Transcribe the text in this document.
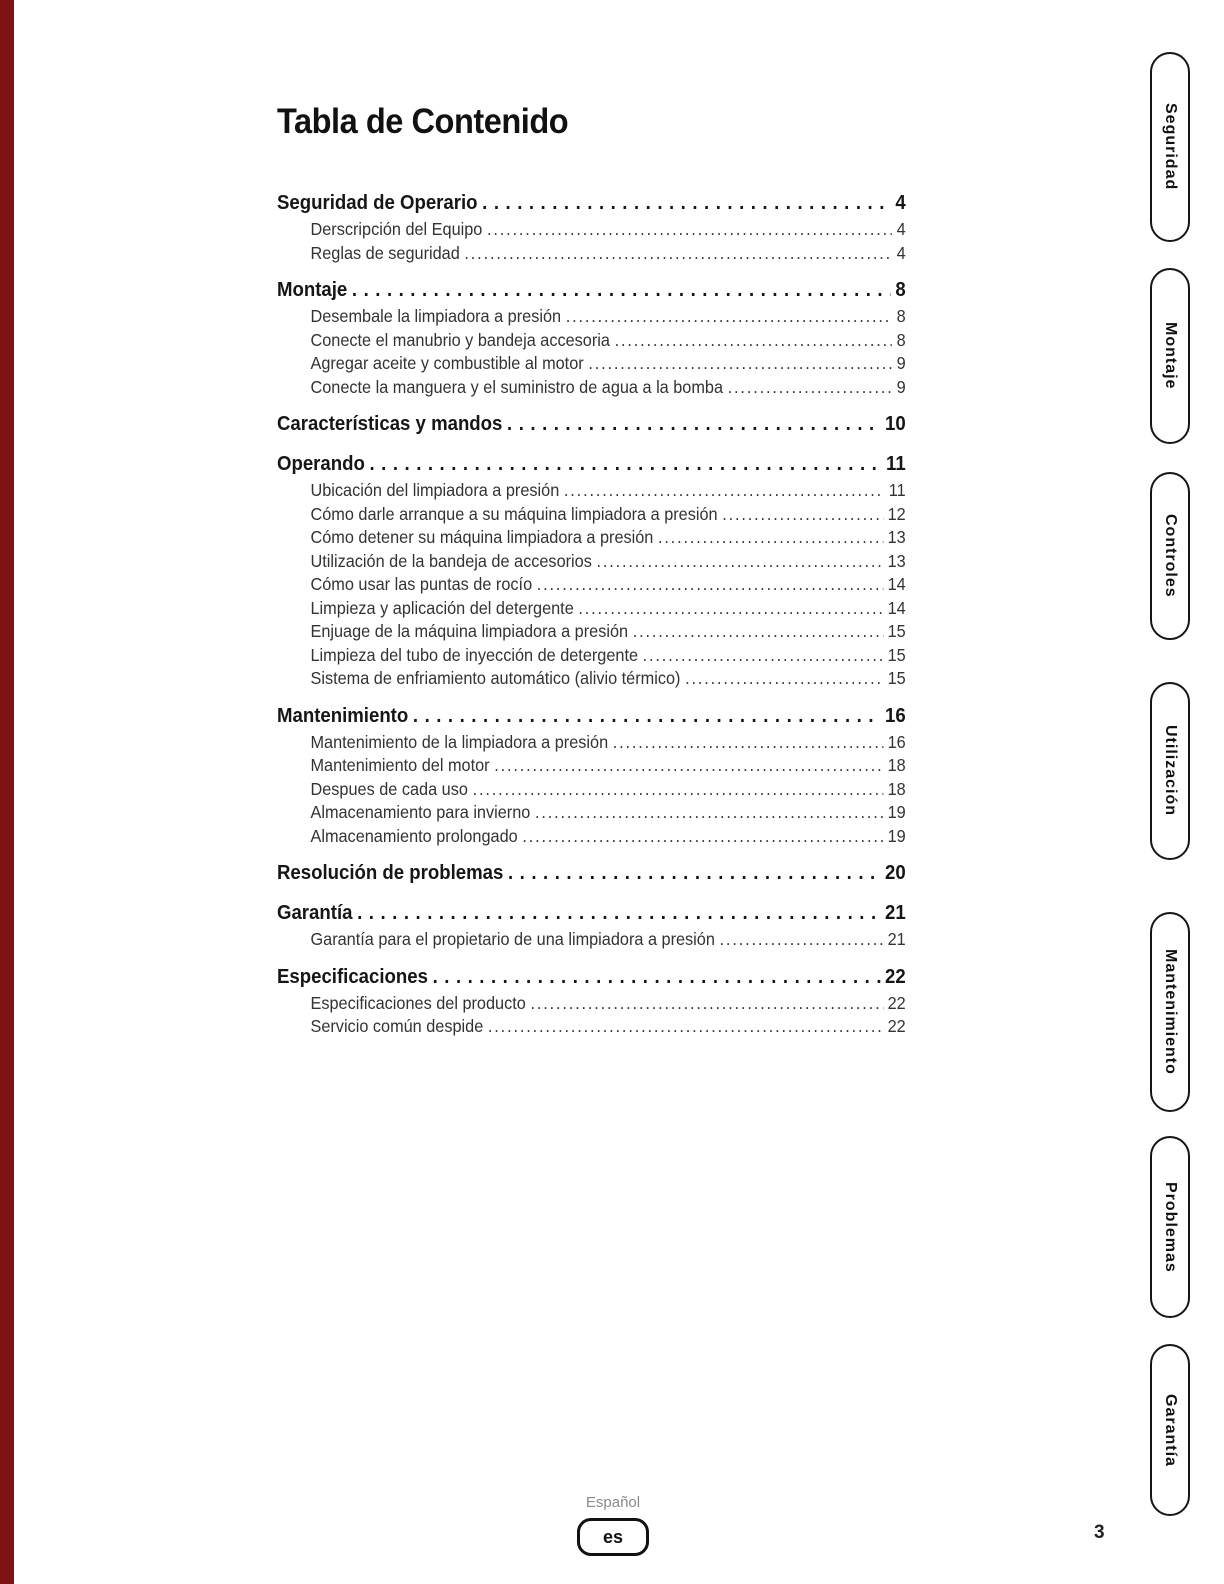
Tabla de Contenido
Seguridad de Operario .....	4
Derscripción del Equipo .....	4
Reglas de seguridad .....	4
Montaje .....	8
Desembale la limpiadora a presión .....	8
Conecte el manubrio y bandeja accesoria .....	8
Agregar aceite y combustible al motor .....	9
Conecte la manguera y el suministro de agua a la bomba .....	9
Características y mandos .....	10
Operando .....	11
Ubicación del limpiadora a presión .....	11
Cómo darle arranque a su máquina limpiadora a presión .....	12
Cómo detener su máquina limpiadora a presión .....	13
Utilización de la bandeja de accesorios .....	13
Cómo usar las puntas de rocío .....	14
Limpieza y aplicación del detergente .....	14
Enjuage de la máquina limpiadora a presión .....	15
Limpieza del tubo de inyección de detergente .....	15
Sistema de enfriamiento automático (alivio térmico) .....	15
Mantenimiento .....	16
Mantenimiento de la limpiadora a presión .....	16
Mantenimiento del motor .....	18
Despues de cada uso .....	18
Almacenamiento para invierno .....	19
Almacenamiento prolongado .....	19
Resolución de problemas .....	20
Garantía .....	21
Garantía para el propietario de una limpiadora a presión .....	21
Especificaciones .....	22
Especificaciones del producto .....	22
Servicio común despide .....	22
Seguridad
Montaje
Controles
Utilización
Mantenimiento
Problemas
Garantía
Español
es	3
